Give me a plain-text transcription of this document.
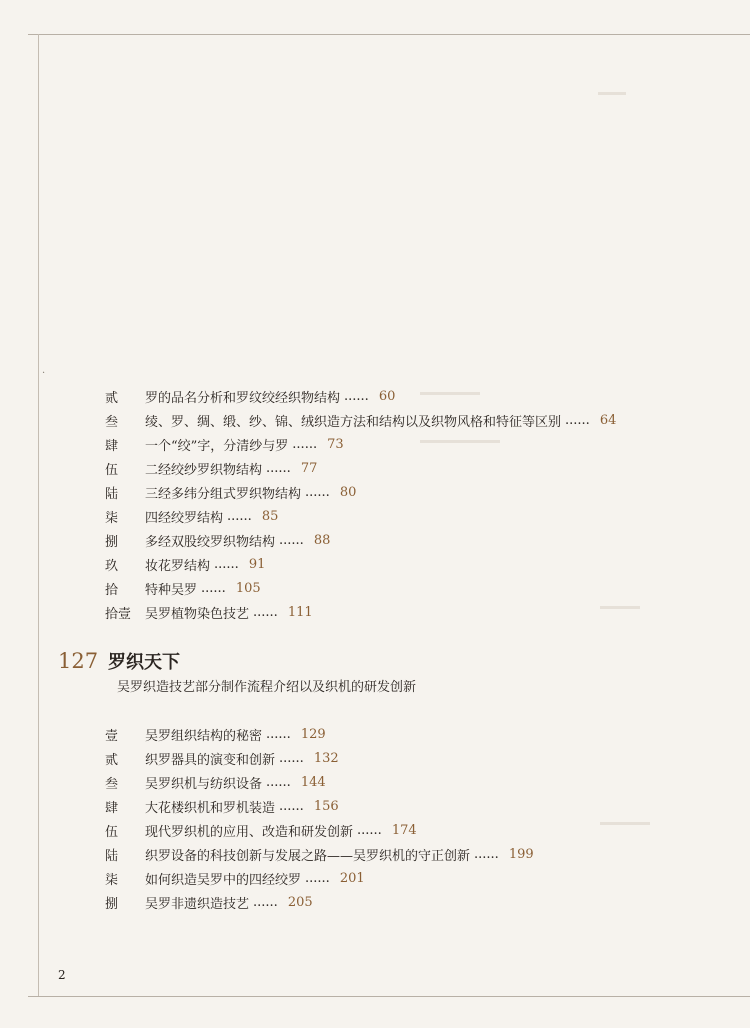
·
贰	罗的品名分析和罗纹绞经织物结构 ...... 60
叁	绫、罗、绸、缎、纱、锦、绒织造方法和结构以及织物风格和特征等区别 ...... 64
肆	一个“绞”字，分清纱与罗 ...... 73
伍	二经绞纱罗织物结构 ...... 77
陆	三经多纬分组式罗织物结构 ...... 80
柒	四经绞罗结构 ...... 85
捌	多经双股绞罗织物结构 ...... 88
玖	妆花罗结构 ...... 91
拾	特种吴罗 ...... 105
拾壹	吴罗植物染色技艺 ...... 111
127 罗织天下
吴罗织造技艺部分制作流程介绍以及织机的研发创新
壹	吴罗组织结构的秘密 ...... 129
贰	织罗器具的演变和创新 ...... 132
叁	吴罗织机与纺织设备 ...... 144
肆	大花楼织机和罗机装造 ...... 156
伍	现代罗织机的应用、改造和研发创新 ...... 174
陆	织罗设备的科技创新与发展之路——吴罗织机的守正创新 ...... 199
柒	如何织造吴罗中的四经绞罗 ...... 201
捌	吴罗非遗织造技艺 ...... 205
2
